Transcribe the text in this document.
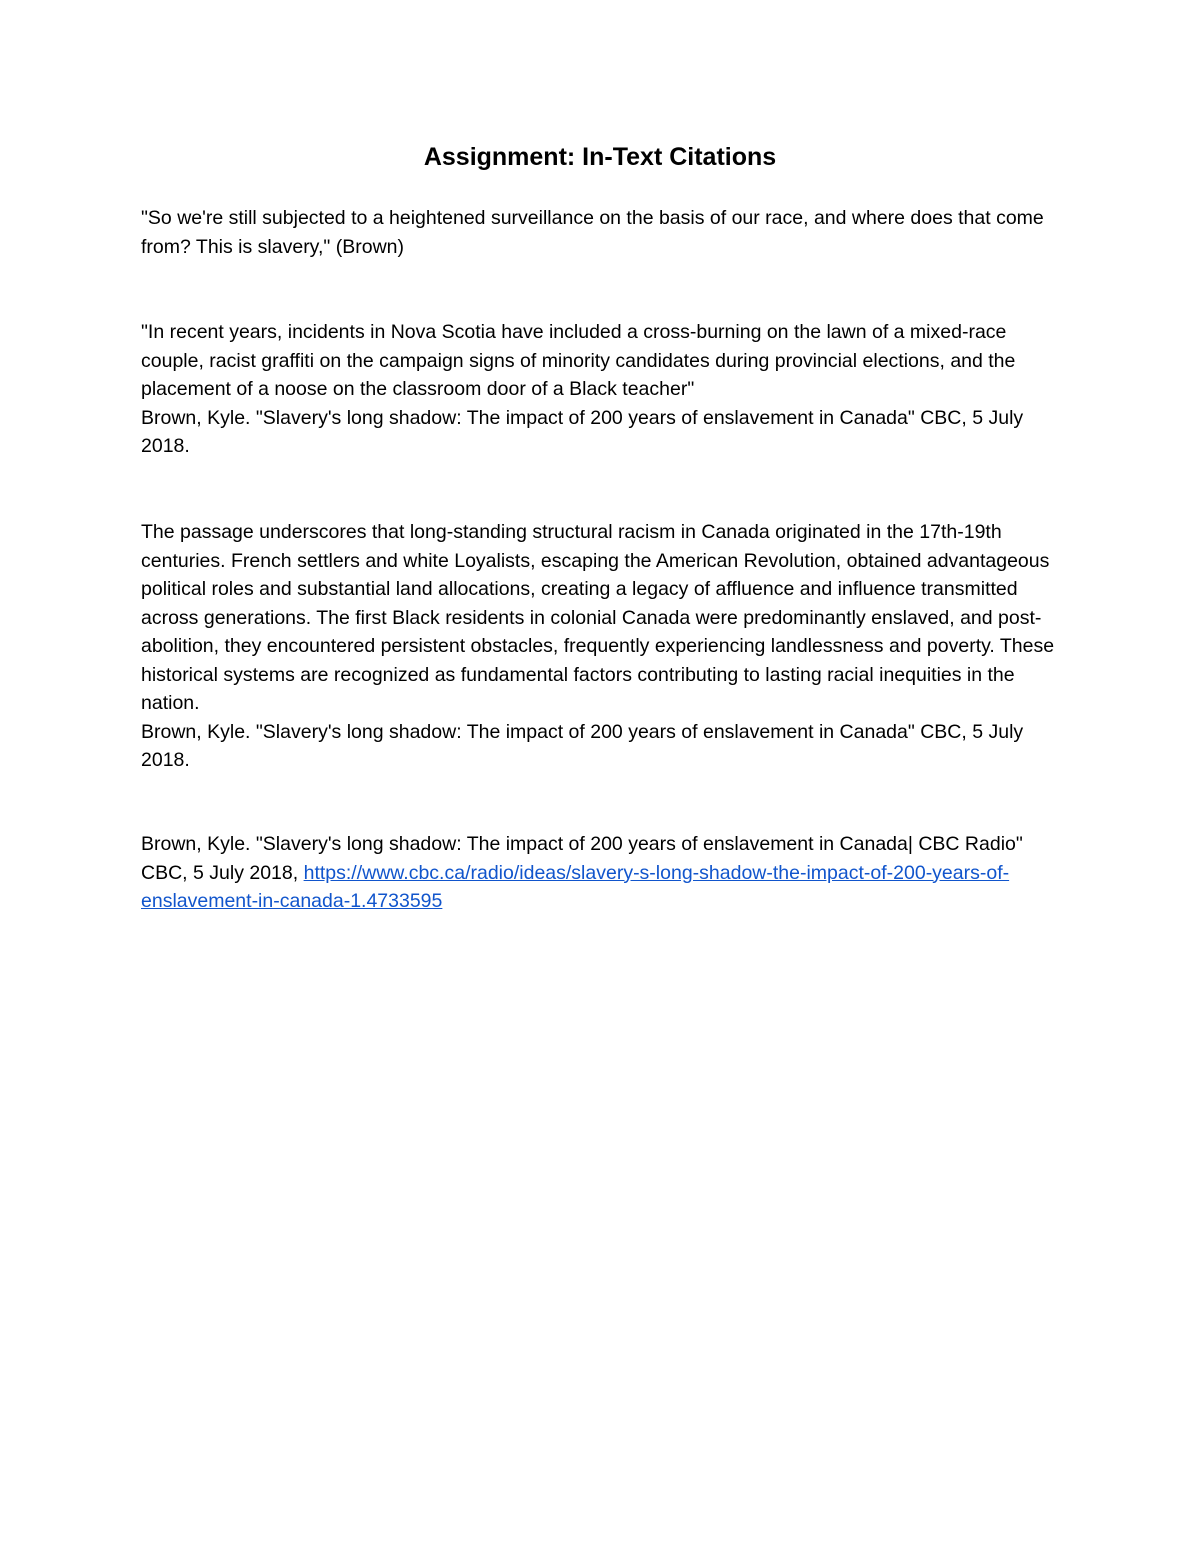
Assignment: In-Text Citations

"So we're still subjected to a heightened surveillance on the basis of our race, and where does that come from? This is slavery," (Brown)

"In recent years, incidents in Nova Scotia have included a cross-burning on the lawn of a mixed-race couple, racist graffiti on the campaign signs of minority candidates during provincial elections, and the placement of a noose on the classroom door of a Black teacher"

Brown, Kyle. "Slavery's long shadow: The impact of 200 years of enslavement in Canada" CBC, 5 July 2018.

The passage underscores that long-standing structural racism in Canada originated in the 17th-19th centuries. French settlers and white Loyalists, escaping the American Revolution, obtained advantageous political roles and substantial land allocations, creating a legacy of affluence and influence transmitted across generations. The first Black residents in colonial Canada were predominantly enslaved, and post-abolition, they encountered persistent obstacles, frequently experiencing landlessness and poverty. These historical systems are recognized as fundamental factors contributing to lasting racial inequities in the nation.

Brown, Kyle. "Slavery's long shadow: The impact of 200 years of enslavement in Canada" CBC, 5 July 2018.

Brown, Kyle. "Slavery's long shadow: The impact of 200 years of enslavement in Canada| CBC Radio" CBC, 5 July 2018, https://www.cbc.ca/radio/ideas/slavery-s-long-shadow-the-impact-of-200-years-of-enslavement-in-canada-1.4733595
